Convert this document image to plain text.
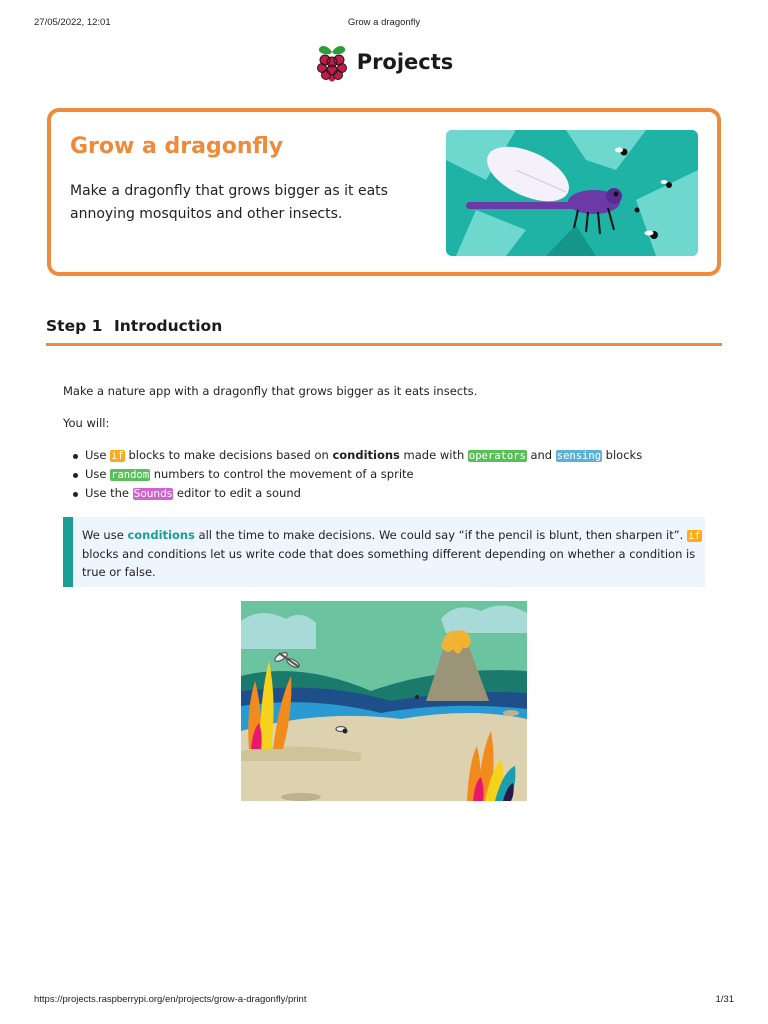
27/05/2022, 12:01	Grow a dragonfly
Projects
Grow a dragonfly
Make a dragonfly that grows bigger as it eats annoying mosquitos and other insects.
Step 1 Introduction
Make a nature app with a dragonfly that grows bigger as it eats insects.
You will:
Use if blocks to make decisions based on conditions made with operators and sensing blocks
Use random numbers to control the movement of a sprite
Use the Sounds editor to edit a sound

We use conditions all the time to make decisions. We could say “if the pencil is blunt, then sharpen it”. if blocks and conditions let us write code that does something different depending on whether a condition is true or false.

https://projects.raspberrypi.org/en/projects/grow-a-dragonfly/print	1/31
